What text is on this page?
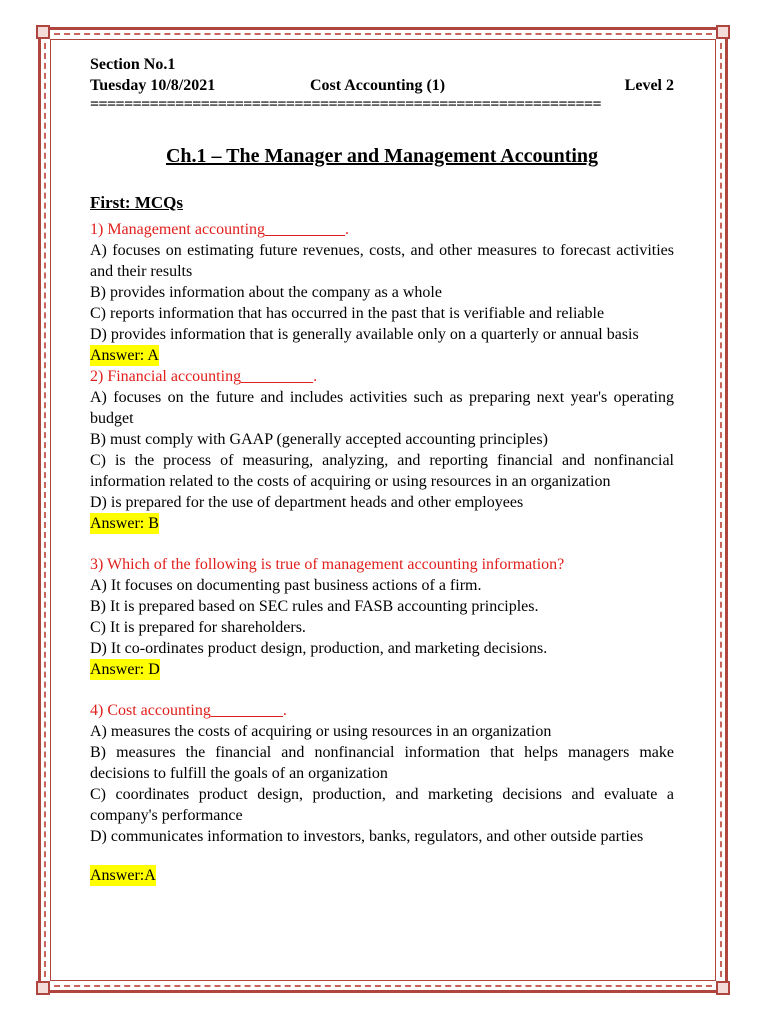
Section No.1
Tuesday 10/8/2021	Cost Accounting (1)	Level 2
============================================================
Ch.1 – The Manager and Management Accounting
First: MCQs
1) Management accounting__________.
A) focuses on estimating future revenues, costs, and other measures to forecast activities and their results
B) provides information about the company as a whole
C) reports information that has occurred in the past that is verifiable and reliable
D) provides information that is generally available only on a quarterly or annual basis
Answer: A
2) Financial accounting_________.
A) focuses on the future and includes activities such as preparing next year's operating budget
B) must comply with GAAP (generally accepted accounting principles)
C) is the process of measuring, analyzing, and reporting financial and nonfinancial information related to the costs of acquiring or using resources in an organization
D) is prepared for the use of department heads and other employees
Answer: B
3) Which of the following is true of management accounting information?
A) It focuses on documenting past business actions of a firm.
B) It is prepared based on SEC rules and FASB accounting principles.
C) It is prepared for shareholders.
D) It co-ordinates product design, production, and marketing decisions.
Answer: D
4) Cost accounting_________.
A) measures the costs of acquiring or using resources in an organization
B) measures the financial and nonfinancial information that helps managers make decisions to fulfill the goals of an organization
C) coordinates product design, production, and marketing decisions and evaluate a company's performance
D) communicates information to investors, banks, regulators, and other outside parties
Answer:A
